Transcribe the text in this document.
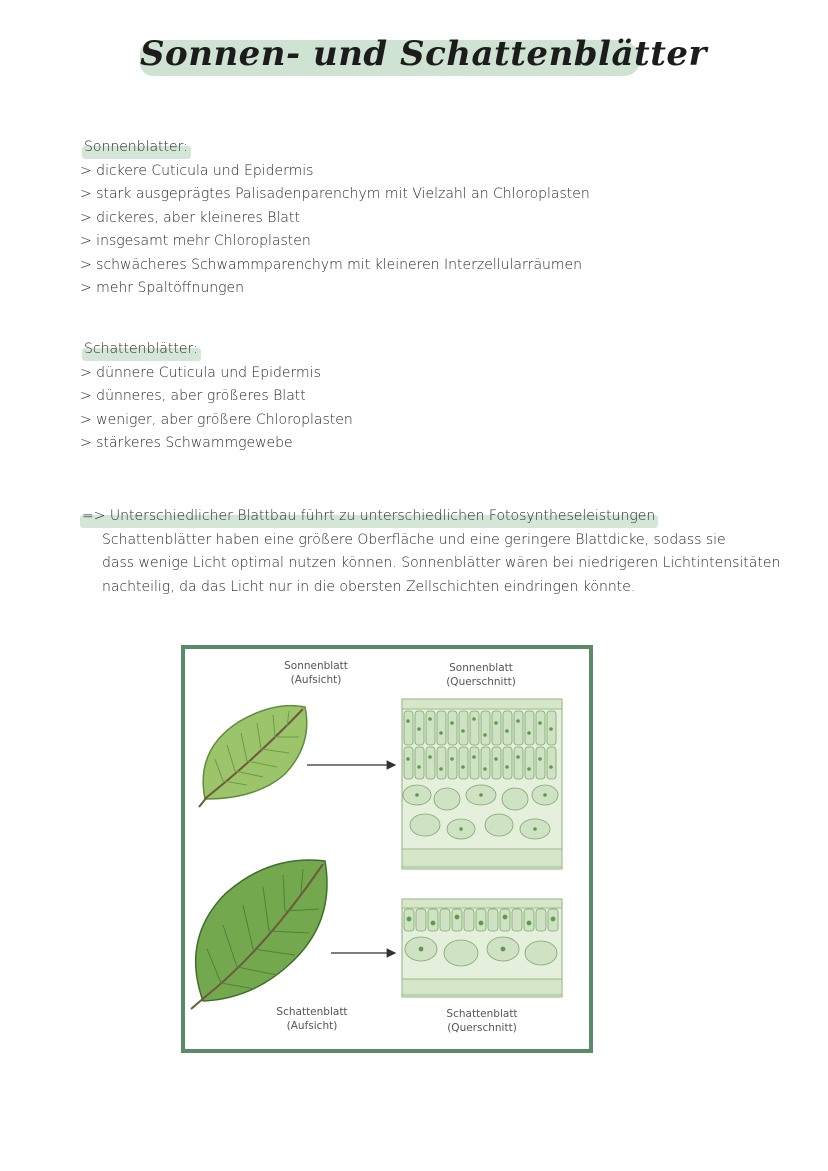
Sonnen- und Schattenblätter
Sonnenblatter:
> dickere Cuticula und Epidermis
> stark ausgeprägtes Palisadenparenchym mit Vielzahl an Chloroplasten
> dickeres, aber kleineres Blatt
> insgesamt mehr Chloroplasten
> schwächeres Schwammparenchym mit kleineren Interzellularräumen
> mehr Spaltöffnungen
Schattenblätter:
> dünnere Cuticula und Epidermis
> dünneres, aber größeres Blatt
> weniger, aber größere Chloroplasten
> stärkeres Schwammgewebe
=> Unterschiedlicher Blattbau führt zu unterschiedlichen Fotosyntheseleistungen

Schattenblätter haben eine größere Oberfläche und eine geringere Blattdicke, sodass sie

dass wenige Licht optimal nutzen können. Sonnenblätter wären bei niedrigeren Lichtintensitäten

nachteilig, da das Licht nur in die obersten Zellschichten eindringen könnte.

Sonnenblatt
(Aufsicht)
Sonnenblatt
(Querschnitt)
Schattenblatt
(Aufsicht)
Schattenblatt
(Querschnitt)
